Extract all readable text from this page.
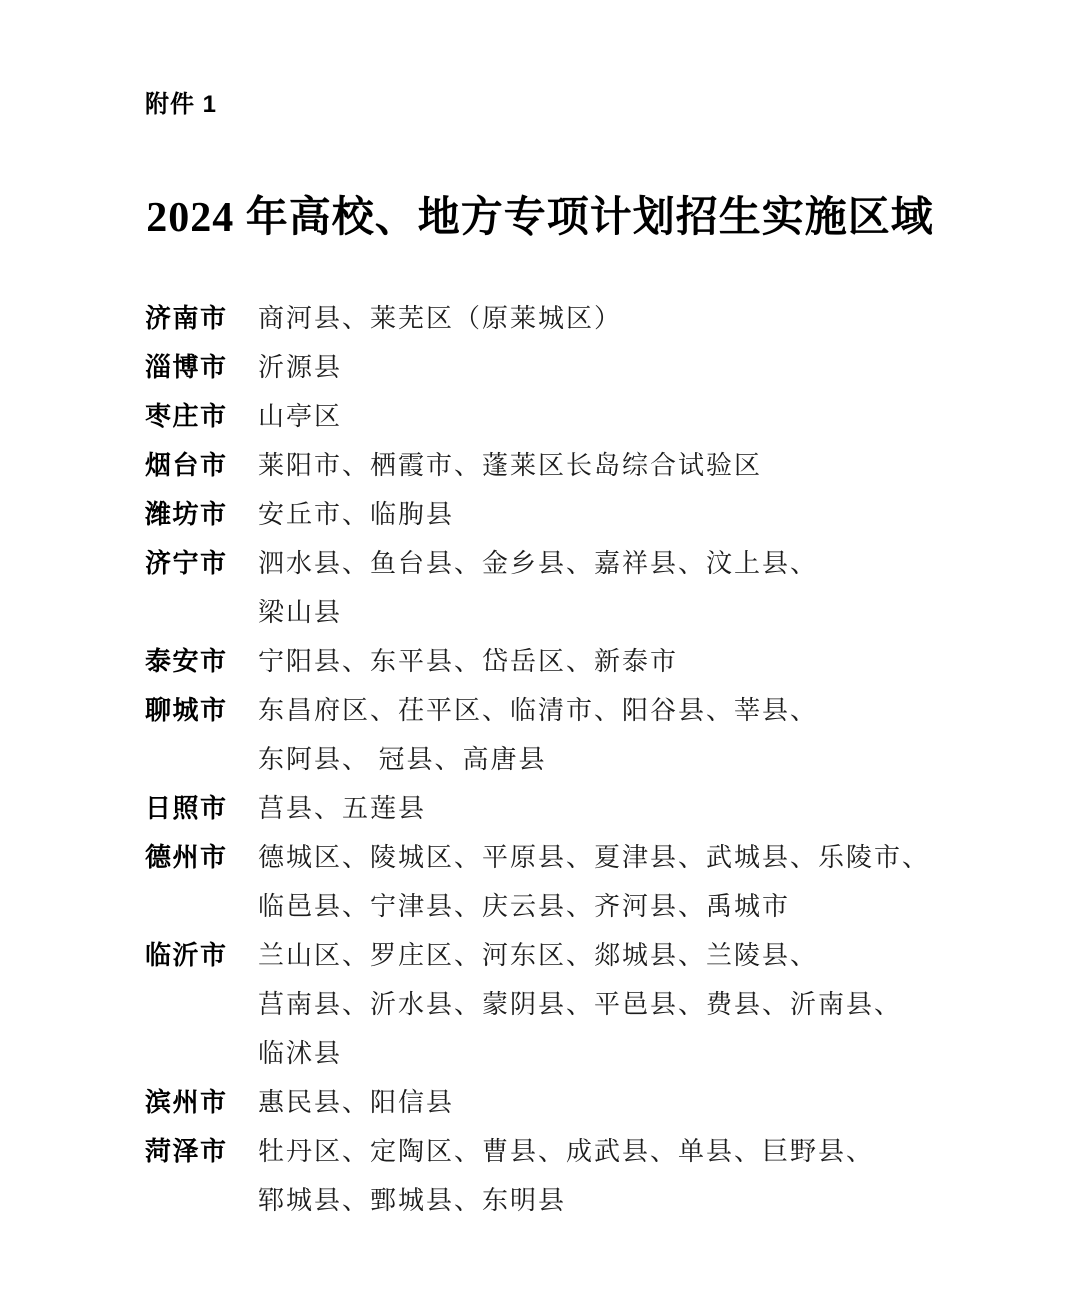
附件 1
2024 年高校、地方专项计划招生实施区域
济南市	商河县、莱芜区（原莱城区）
淄博市	沂源县
枣庄市	山亭区
烟台市	莱阳市、栖霞市、蓬莱区长岛综合试验区
潍坊市	安丘市、临朐县
济宁市	泗水县、鱼台县、金乡县、嘉祥县、汶上县、
梁山县
泰安市	宁阳县、东平县、岱岳区、新泰市
聊城市	东昌府区、茌平区、临清市、阳谷县、莘县、
东阿县、 冠县、高唐县
日照市	莒县、五莲县
德州市	德城区、陵城区、平原县、夏津县、武城县、乐陵市、
临邑县、宁津县、庆云县、齐河县、禹城市
临沂市	兰山区、罗庄区、河东区、郯城县、兰陵县、
莒南县、沂水县、蒙阴县、平邑县、费县、沂南县、
临沭县
滨州市	惠民县、阳信县
菏泽市	牡丹区、定陶区、曹县、成武县、单县、巨野县、
郓城县、鄄城县、东明县
